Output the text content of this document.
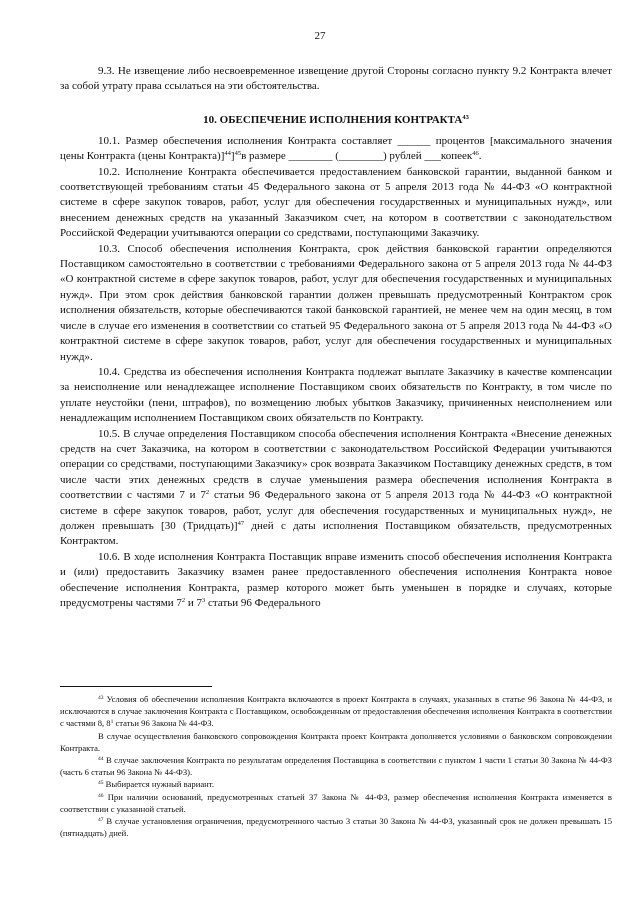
27

9.3. Не извещение либо несвоевременное извещение другой Стороны согласно пункту 9.2 Контракта влечет за собой утрату права ссылаться на эти обстоятельства.

10. ОБЕСПЕЧЕНИЕ ИСПОЛНЕНИЯ КОНТРАКТА$^{43}$

10.1. Размер обеспечения исполнения Контракта составляет ______ процентов [максимального значения цены Контракта (цены Контракта)]$^{44}$]$^{45}$в размере ________ (________) рублей ___копеек$^{46}$.

10.2. Исполнение Контракта обеспечивается предоставлением банковской гарантии, выданной банком и соответствующей требованиям статьи 45 Федерального закона от 5 апреля 2013 года № 44-ФЗ «О контрактной системе в сфере закупок товаров, работ, услуг для обеспечения государственных и муниципальных нужд», или внесением денежных средств на указанный Заказчиком счет, на котором в соответствии с законодательством Российской Федерации учитываются операции со средствами, поступающими Заказчику.

10.3. Способ обеспечения исполнения Контракта, срок действия банковской гарантии определяются Поставщиком самостоятельно в соответствии с требованиями Федерального закона от 5 апреля 2013 года № 44-ФЗ «О контрактной системе в сфере закупок товаров, работ, услуг для обеспечения государственных и муниципальных нужд». При этом срок действия банковской гарантии должен превышать предусмотренный Контрактом срок исполнения обязательств, которые обеспечиваются такой банковской гарантией, не менее чем на один месяц, в том числе в случае его изменения в соответствии со статьей 95 Федерального закона от 5 апреля 2013 года № 44-ФЗ «О контрактной системе в сфере закупок товаров, работ, услуг для обеспечения государственных и муниципальных нужд».

10.4. Средства из обеспечения исполнения Контракта подлежат выплате Заказчику в качестве компенсации за неисполнение или ненадлежащее исполнение Поставщиком своих обязательств по Контракту, в том числе по уплате неустойки (пени, штрафов), по возмещению любых убытков Заказчику, причиненных неисполнением или ненадлежащим исполнением Поставщиком своих обязательств по Контракту.

10.5. В случае определения Поставщиком способа обеспечения исполнения Контракта «Внесение денежных средств на счет Заказчика, на котором в соответствии с законодательством Российской Федерации учитываются операции со средствами, поступающими Заказчику» срок возврата Заказчиком Поставщику денежных средств, в том числе части этих денежных средств в случае уменьшения размера обеспечения исполнения Контракта в соответствии с частями 7 и $7^2$ статьи 96 Федерального закона от 5 апреля 2013 года № 44-ФЗ «О контрактной системе в сфере закупок товаров, работ, услуг для обеспечения государственных и муниципальных нужд», не должен превышать [30 (Тридцать)]$^{47}$ дней с даты исполнения Поставщиком обязательств, предусмотренных Контрактом.

10.6. В ходе исполнения Контракта Поставщик вправе изменить способ обеспечения исполнения Контракта и (или) предоставить Заказчику взамен ранее предоставленного обеспечения исполнения Контракта новое обеспечение исполнения Контракта, размер которого может быть уменьшен в порядке и случаях, которые предусмотрены частями $7^2$ и $7^3$ статьи 96 Федерального

$^{43}$ Условия об обеспечении исполнения Контракта включаются в проект Контракта в случаях, указанных в статье 96 Закона № 44-ФЗ, и исключаются в случае заключения Контракта с Поставщиком, освобожденным от предоставления обеспечения исполнения Контракта в соответствии с частями 8, $8^1$ статьи 96 Закона № 44-ФЗ.

В случае осуществления банковского сопровождения Контракта проект Контракта дополняется условиями о банковском сопровождении Контракта.

$^{44}$ В случае заключения Контракта по результатам определения Поставщика в соответствии с пунктом 1 части 1 статьи 30 Закона № 44-ФЗ (часть 6 статьи 96 Закона № 44-ФЗ).

$^{45}$ Выбирается нужный вариант.

$^{46}$ При наличии оснований, предусмотренных статьей 37 Закона № 44-ФЗ, размер обеспечения исполнения Контракта изменяется в соответствии с указанной статьей.

$^{47}$ В случае установления ограничения, предусмотренного частью 3 статьи 30 Закона № 44-ФЗ, указанный срок не должен превышать 15 (пятнадцать) дней.
